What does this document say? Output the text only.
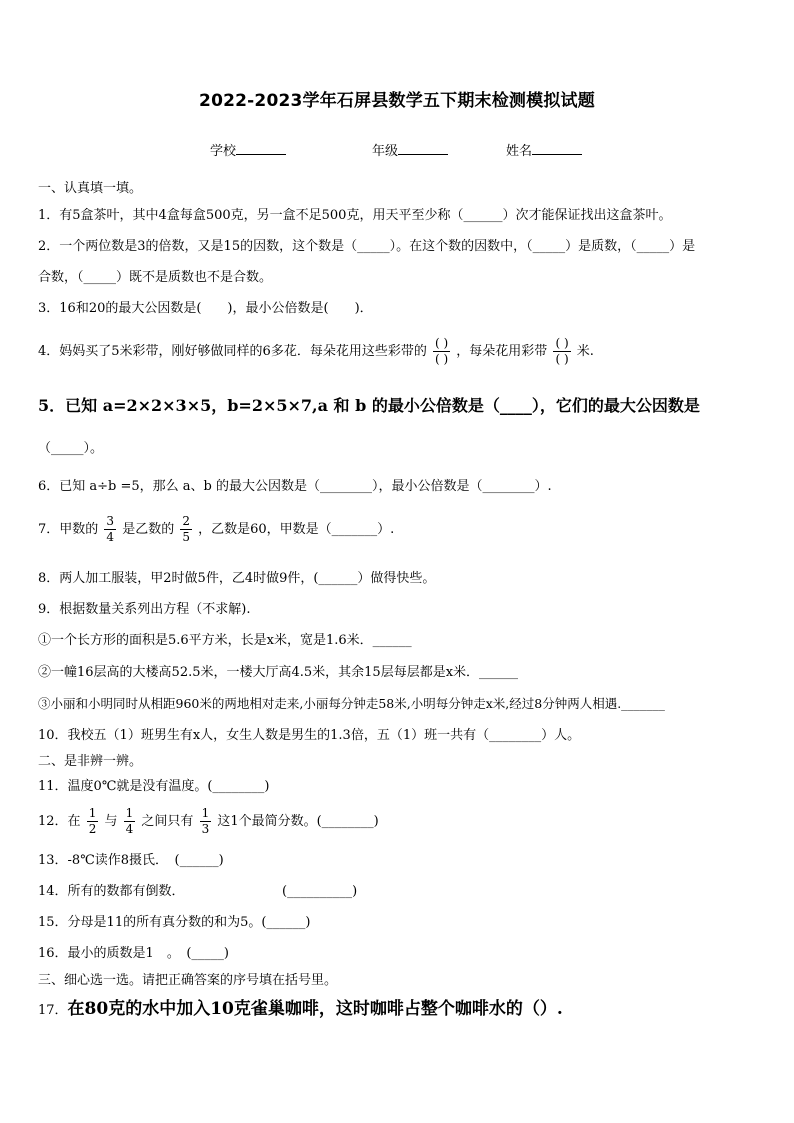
2022-2023学年石屏县数学五下期末检测模拟试题
学校	年级	姓名
一、认真填一填。
1．有5盒茶叶，其中4盒每盒500克，另一盒不足500克，用天平至少称（______）次才能保证找出这盒茶叶。
2．一个两位数是3的倍数，又是15的因数，这个数是（_____）。在这个数的因数中，（_____）是质数，（_____）是
合数，（_____）既不是质数也不是合数。
3．16和20的最大公因数是(　　)，最小公倍数是(　　)．
4．妈妈买了5米彩带，刚好够做同样的6多花．每朵花用这些彩带的 $\frac{( )}{( )}$ ，每朵花用彩带 $\frac{( )}{( )}$ 米.
5．已知 a=2×2×3×5，b=2×5×7,a 和 b 的最小公倍数是（____），它们的最大公因数是
（_____）。
6．已知 a÷b =5，那么 a、b 的最大公因数是（________），最小公倍数是（________）.
7．甲数的 $\frac{3}{4}$ 是乙数的 $\frac{2}{5}$ ，乙数是60，甲数是（_______）.
8．两人加工服装，甲2时做5件，乙4时做9件，(______）做得快些。
9．根据数量关系列出方程（不求解).
①一个长方形的面积是5.6平方米，长是x米，宽是1.6米．______
②一幢16层高的大楼高52.5米，一楼大厅高4.5米，其余15层每层都是x米．______
③小丽和小明同时从相距960米的两地相对走来,小丽每分钟走58米,小明每分钟走x米,经过8分钟两人相遇._______
10．我校五（1）班男生有x人，女生人数是男生的1.3倍，五（1）班一共有（________）人。
二、是非辨一辨。
11．温度0℃就是没有温度。(________)
12．在 $\frac{1}{2}$ 与 $\frac{1}{4}$ 之间只有 $\frac{1}{3}$ 这1个最简分数。(________)
13．-8℃读作8摄氏．　(______)
14．所有的数都有倒数．　　　　　　　　(__________)
15．分母是11的所有真分数的和为5。(______)
16．最小的质数是1　。　(_____)
三、细心选一选。请把正确答案的序号填在括号里。
17．在80克的水中加入10克雀巢咖啡，这时咖啡占整个咖啡水的（）.
